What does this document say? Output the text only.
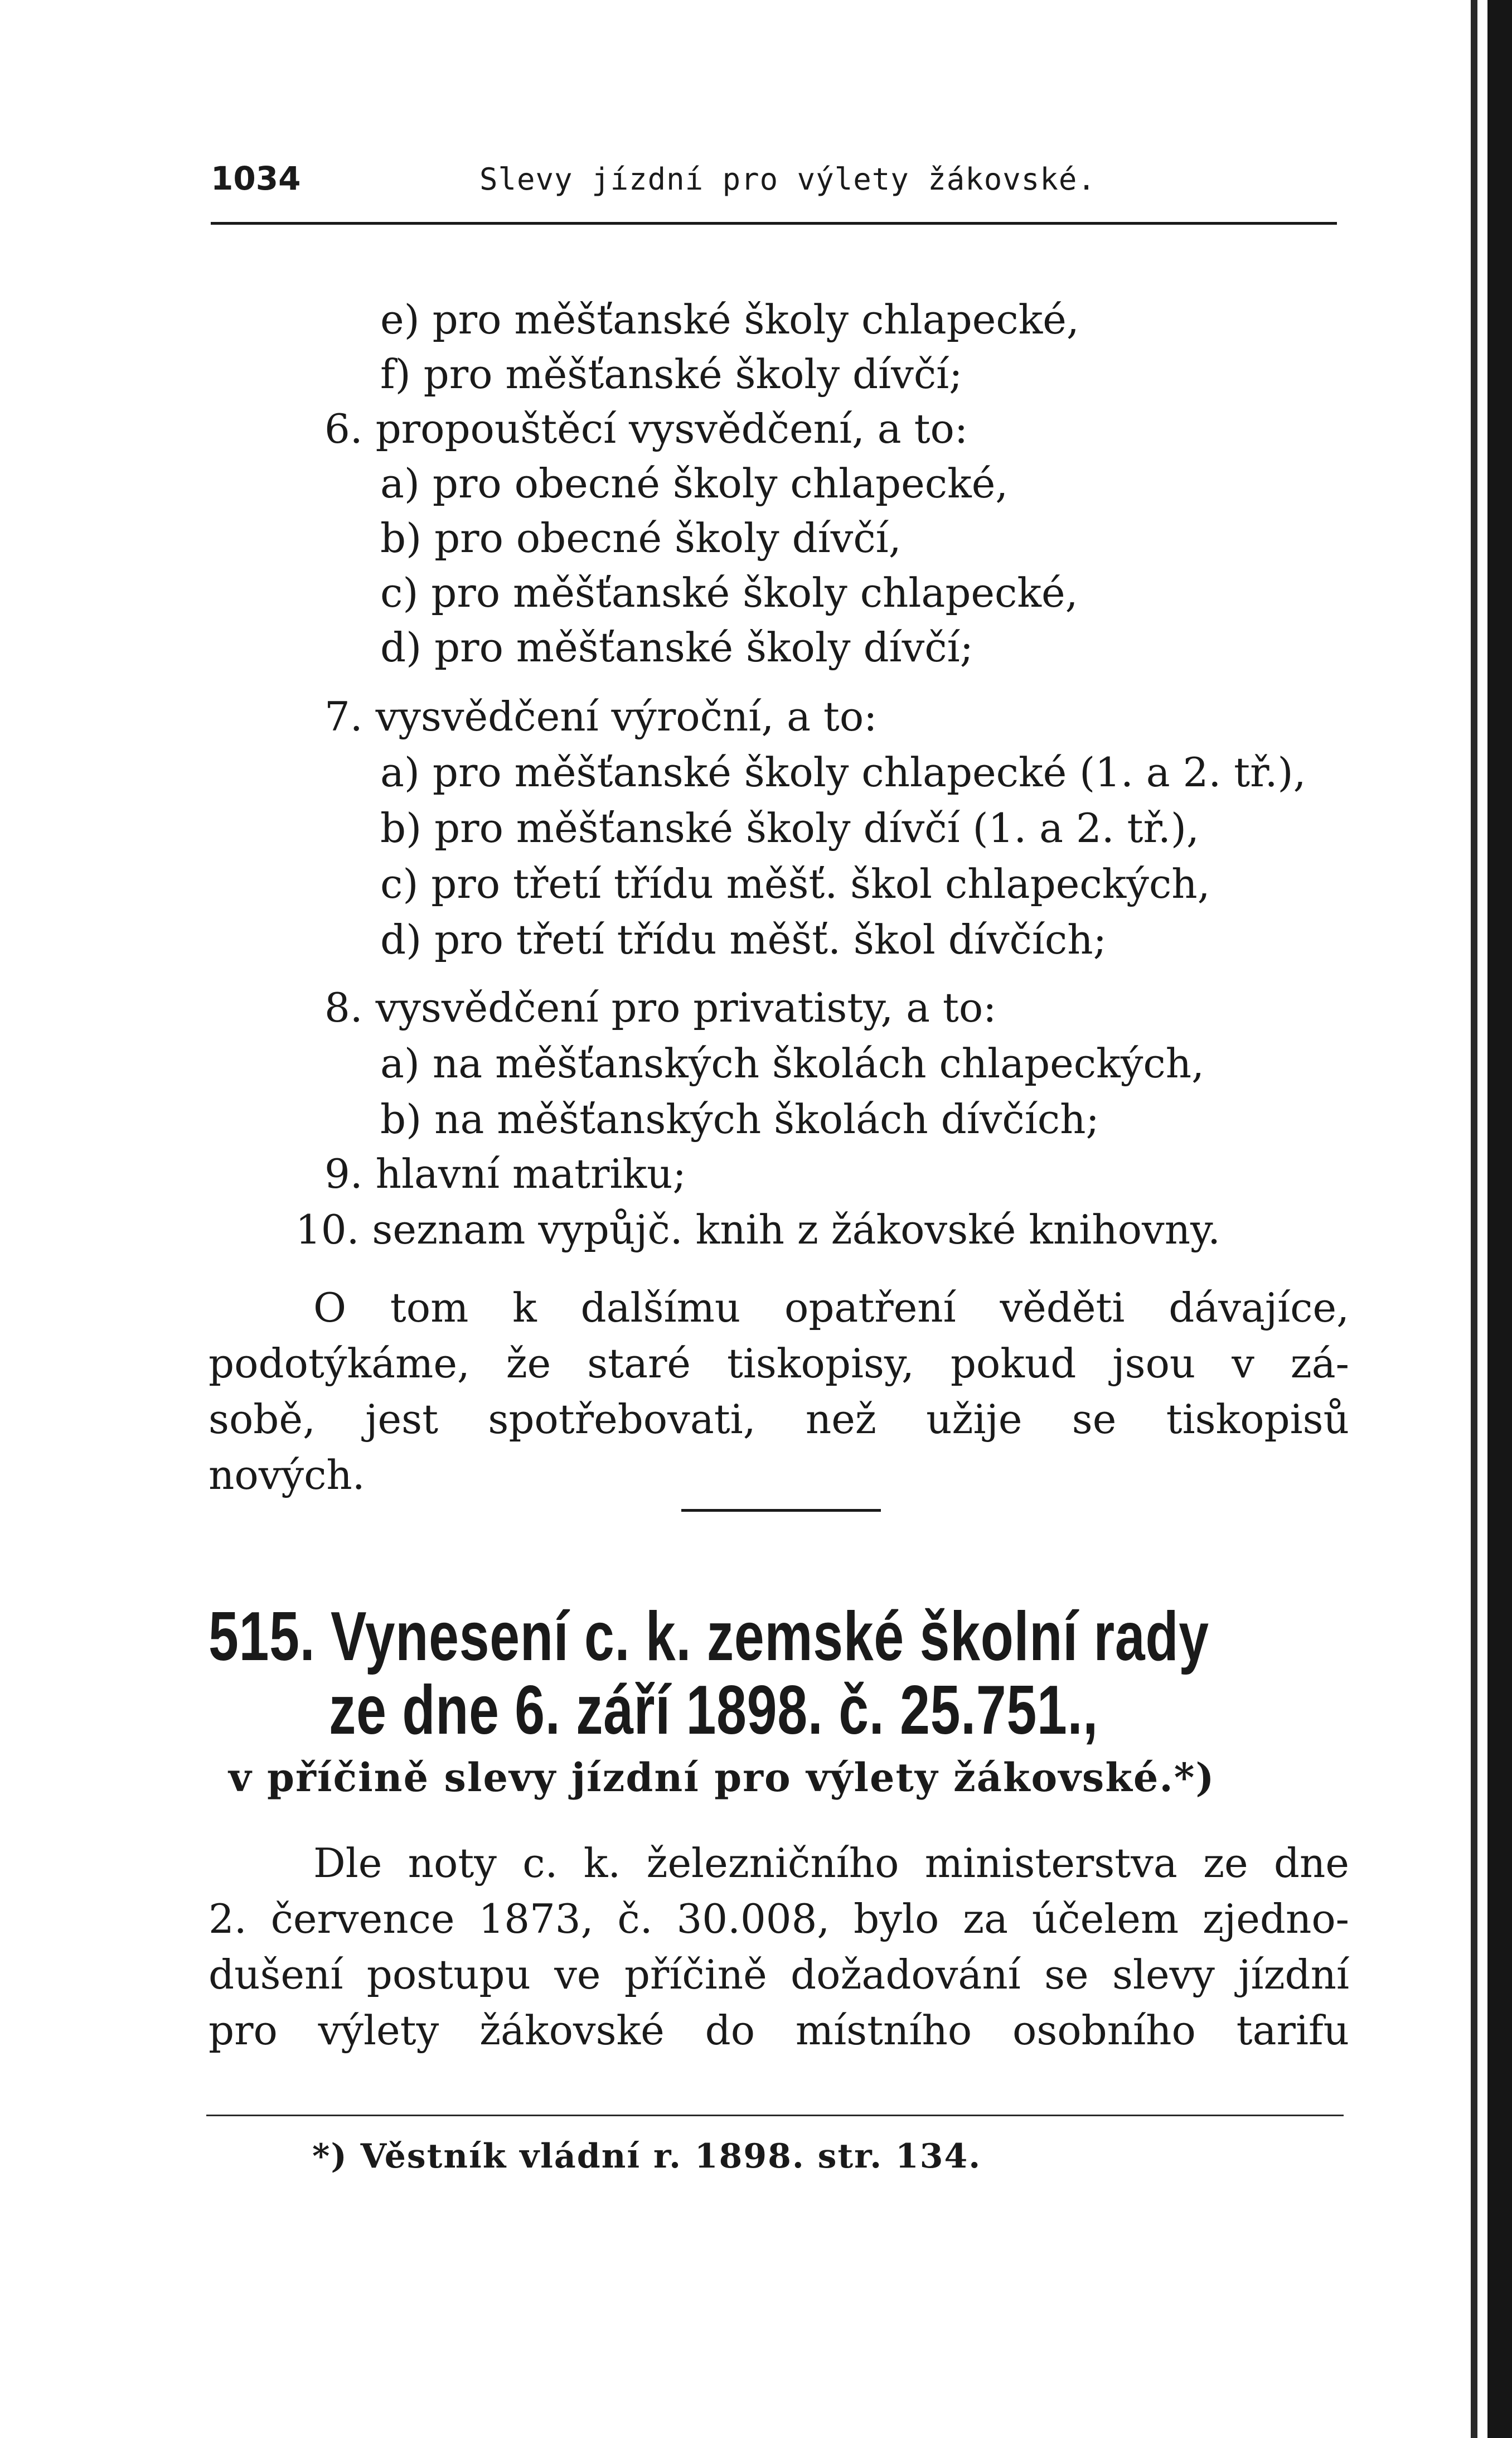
1034	Slevy jízdní pro výlety žákovské.
e) pro měšťanské školy chlapecké,
f) pro měšťanské školy dívčí;
6. propouštěcí vysvědčení, a to:
a) pro obecné školy chlapecké,
b) pro obecné školy dívčí,
c) pro měšťanské školy chlapecké,
d) pro měšťanské školy dívčí;
7. vysvědčení výroční, a to:
a) pro měšťanské školy chlapecké (1. a 2. tř.),
b) pro měšťanské školy dívčí (1. a 2. tř.),
c) pro třetí třídu měšť. škol chlapeckých,
d) pro třetí třídu měšť. škol dívčích;
8. vysvědčení pro privatisty, a to:
a) na měšťanských školách chlapeckých,
b) na měšťanských školách dívčích;
9. hlavní matriku;
10. seznam vypůjč. knih z žákovské knihovny.
O tom k dalšímu opatření věděti dávajíce,
podotýkáme, že staré tiskopisy, pokud jsou v zá-
sobě, jest spotřebovati, než užije se tiskopisů
nových.
515. Vynesení c. k. zemské školní rady
ze dne 6. září 1898. č. 25.751.,
v příčině slevy jízdní pro výlety žákovské.*)
Dle noty c. k. železničního ministerstva ze dne
2. července 1873, č. 30.008, bylo za účelem zjedno-
dušení postupu ve příčině dožadování se slevy jízdní
pro výlety žákovské do místního osobního tarifu
*) Věstník vládní r. 1898. str. 134.
